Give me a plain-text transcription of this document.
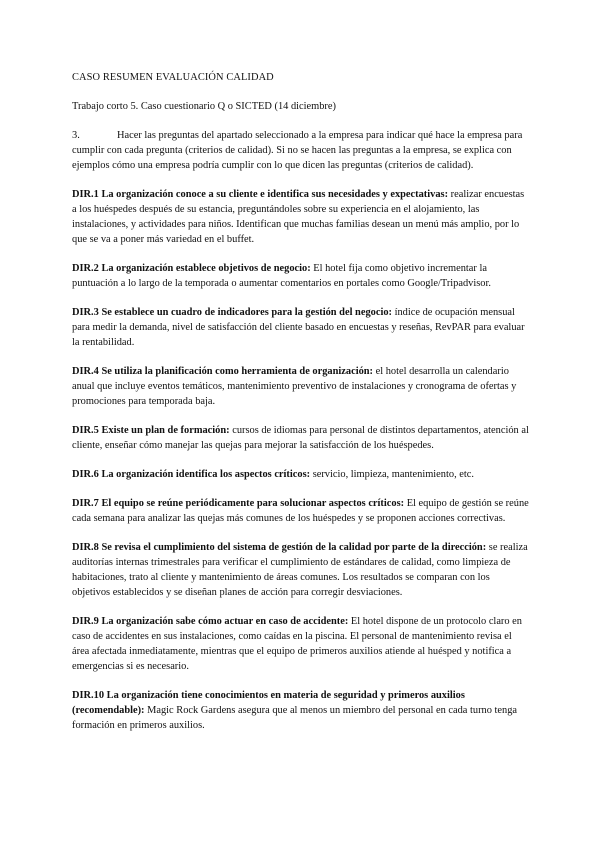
CASO RESUMEN EVALUACIÓN CALIDAD

Trabajo corto 5. Caso cuestionario Q o SICTED (14 diciembre)

3.	Hacer las preguntas del apartado seleccionado a la empresa para indicar qué hace la empresa para cumplir con cada pregunta (criterios de calidad). Si no se hacen las preguntas a la empresa, se explica con ejemplos cómo una empresa podría cumplir con lo que dicen las preguntas (criterios de calidad).

DIR.1 La organización conoce a su cliente e identifica sus necesidades y expectativas: realizar encuestas a los huéspedes después de su estancia, preguntándoles sobre su experiencia en el alojamiento, las instalaciones, y actividades para niños. Identifican que muchas familias desean un menú más amplio, por lo que se va a poner más variedad en el buffet.

DIR.2 La organización establece objetivos de negocio: El hotel fija como objetivo incrementar la puntuación a lo largo de la temporada o aumentar comentarios en portales como Google/Tripadvisor.

DIR.3 Se establece un cuadro de indicadores para la gestión del negocio: índice de ocupación mensual para medir la demanda, nivel de satisfacción del cliente basado en encuestas y reseñas, RevPAR para evaluar la rentabilidad.

DIR.4 Se utiliza la planificación como herramienta de organización: el hotel desarrolla un calendario anual que incluye eventos temáticos, mantenimiento preventivo de instalaciones y cronograma de ofertas y promociones para temporada baja.

DIR.5 Existe un plan de formación: cursos de idiomas para personal de distintos departamentos, atención al cliente, enseñar cómo manejar las quejas para mejorar la satisfacción de los huéspedes.

DIR.6 La organización identifica los aspectos críticos: servicio, limpieza, mantenimiento, etc.

DIR.7 El equipo se reúne periódicamente para solucionar aspectos críticos: El equipo de gestión se reúne cada semana para analizar las quejas más comunes de los huéspedes y se proponen acciones correctivas.

DIR.8 Se revisa el cumplimiento del sistema de gestión de la calidad por parte de la dirección: se realiza auditorías internas trimestrales para verificar el cumplimiento de estándares de calidad, como limpieza de habitaciones, trato al cliente y mantenimiento de áreas comunes. Los resultados se comparan con los objetivos establecidos y se diseñan planes de acción para corregir desviaciones.

DIR.9 La organización sabe cómo actuar en caso de accidente: El hotel dispone de un protocolo claro en caso de accidentes en sus instalaciones, como caídas en la piscina. El personal de mantenimiento revisa el área afectada inmediatamente, mientras que el equipo de primeros auxilios atiende al huésped y notifica a emergencias si es necesario.

DIR.10 La organización tiene conocimientos en materia de seguridad y primeros auxilios (recomendable): Magic Rock Gardens asegura que al menos un miembro del personal en cada turno tenga formación en primeros auxilios.
